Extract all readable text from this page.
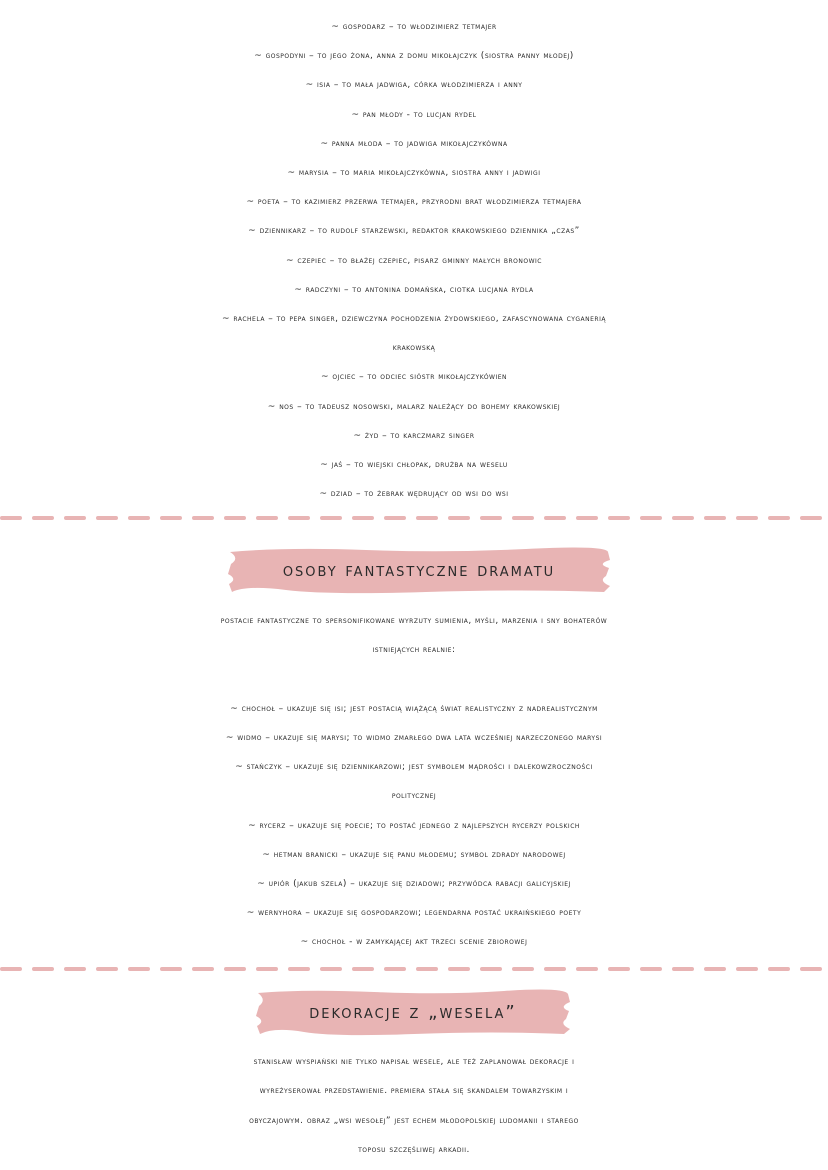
~ gospodarz – to włodzimierz tetmajer
~ gospodyni – to jego żona, anna z domu mikołajczyk (siostra panny młodej)
~ isia – to mała jadwiga, córka włodzimierza i anny
~ pan młody - to lucjan rydel
~ panna młoda – to jadwiga mikołajczykówna
~ marysia – to maria mikołajczykówna, siostra anny i jadwigi
~ poeta – to kazimierz przerwa tetmajer, przyrodni brat włodzimierza tetmajera
~ dziennikarz – to rudolf starzewski, redaktor krakowskiego dziennika „czas”
~ czepiec – to błażej czepiec, pisarz gminny małych bronowic
~ radczyni – to antonina domańska, ciotka lucjana rydla
~ rachela – to pepa singer, dziewczyna pochodzenia żydowskiego, zafascynowana cyganerią
krakowską
~ ojciec – to odciec sióstr mikołajczykówien
~ nos – to tadeusz nosowski, malarz należący do bohemy krakowskiej
~ żyd – to karczmarz singer
~ jaś – to wiejski chłopak, drużba na weselu
~ dziad – to żebrak wędrujący od wsi do wsi
osoby fantastyczne dramatu
postacie fantastyczne to spersonifikowane wyrzuty sumienia, myśli, marzenia i sny bohaterów
istniejących realnie:
~ chochoł – ukazuje się isi; jest postacią wiążącą świat realistyczny z nadrealistycznym
~ widmo – ukazuje się marysi; to widmo zmarłego dwa lata wcześniej narzeczonego marysi
~ stańczyk – ukazuje się dziennikarzowi; jest symbolem mądrości i dalekowzroczności
politycznej
~ rycerz – ukazuje się poecie; to postać jednego z najlepszych rycerzy polskich
~ hetman branicki – ukazuje się panu młodemu; symbol zdrady narodowej
~ upiór (jakub szela) – ukazuje się dziadowi; przywódca rabacji galicyjskiej
~ wernyhora – ukazuje się gospodarzowi; legendarna postać ukraińskiego poety
~ chochoł - w zamykającej akt trzeci scenie zbiorowej
dekoracje z „wesela”
stanisław wyspiański nie tylko napisał wesele, ale też zaplanował dekoracje i
wyreżyserował przedstawienie. premiera stała się skandalem towarzyskim i
obyczajowym. obraz „wsi wesołej” jest echem młodopolskiej ludomanii i starego
toposu szczęśliwej arkadii.
